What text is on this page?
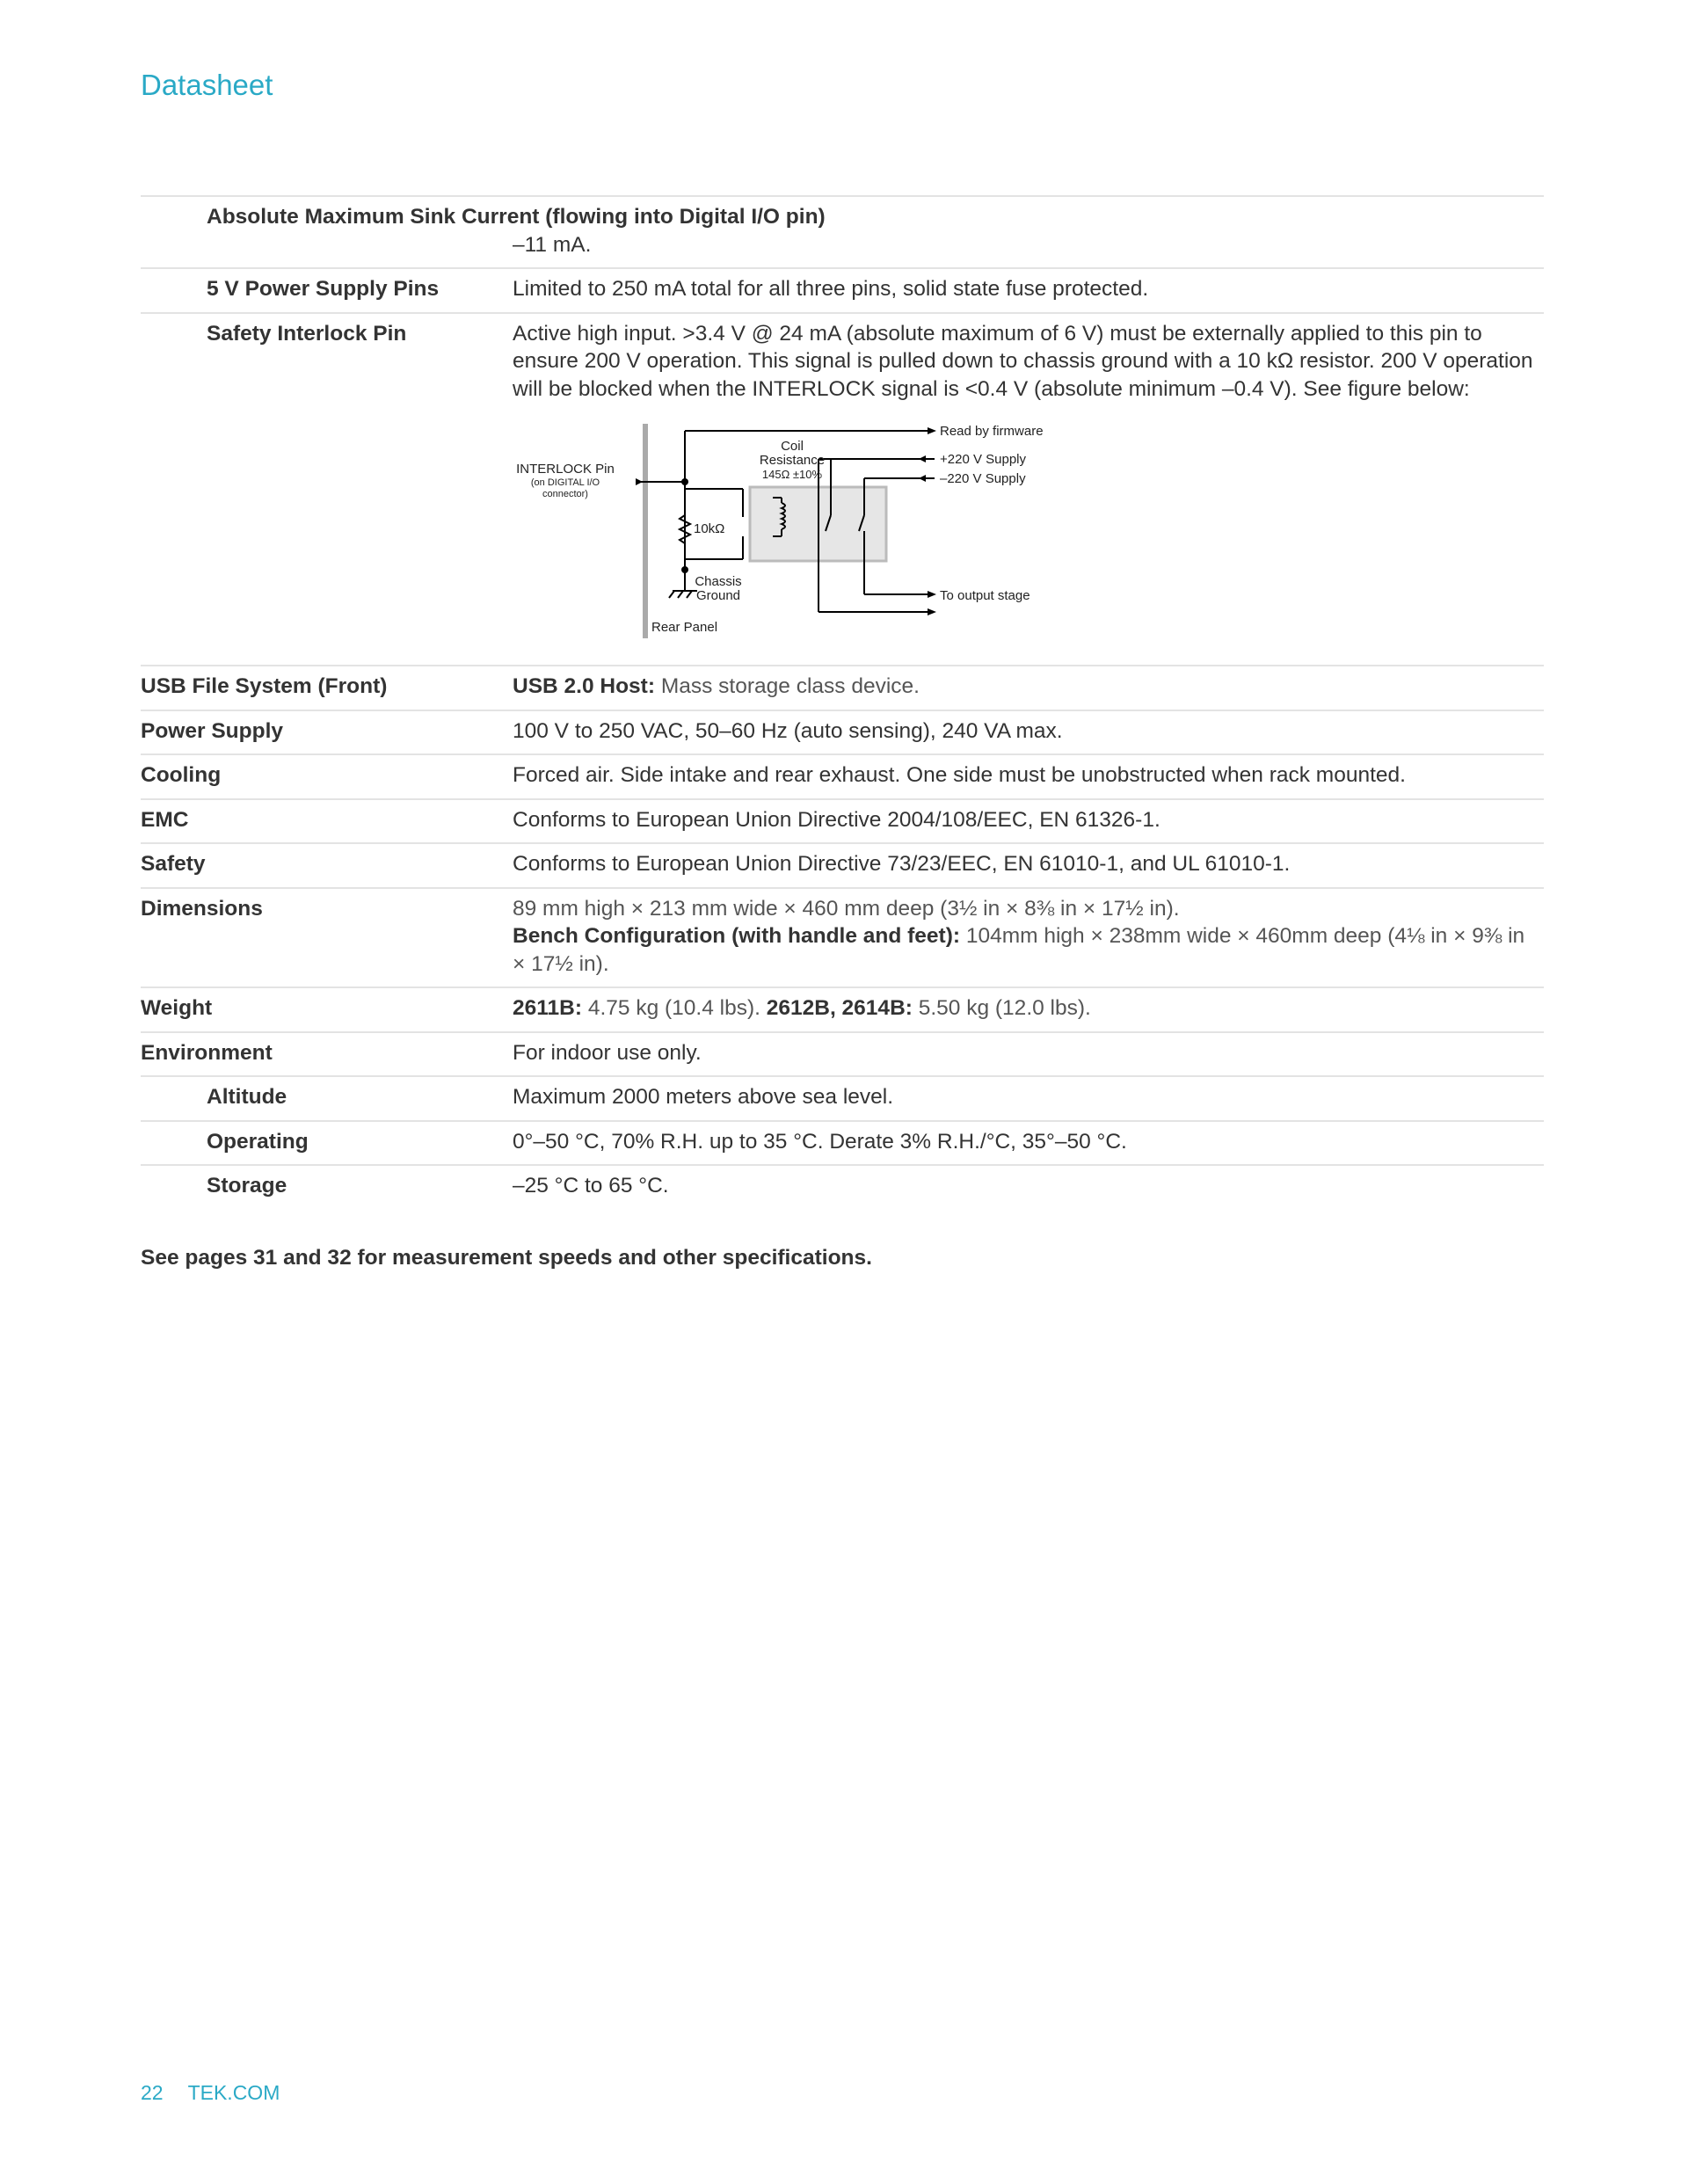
Datasheet
Absolute Maximum Sink Current (flowing into Digital I/O pin)
–11 mA.
5 V Power Supply Pins	Limited to 250 mA total for all three pins, solid state fuse protected.
Safety Interlock Pin	Active high input. >3.4 V @ 24 mA (absolute maximum of 6 V) must be externally applied to this pin to ensure 200 V operation. This signal is pulled down to chassis ground with a 10 kΩ resistor. 200 V operation will be blocked when the INTERLOCK signal is <0.4 V (absolute minimum –0.4 V). See figure below:
Read by firmware
+220 V Supply
–220 V Supply
Coil
Resistance
145Ω ±10%
INTERLOCK Pin
(on DIGITAL I/O
connector)
10kΩ
Chassis
Ground	To output stage
Rear Panel
USB File System (Front)	USB 2.0 Host: Mass storage class device.
Power Supply	100 V to 250 VAC, 50–60 Hz (auto sensing), 240 VA max.
Cooling	Forced air. Side intake and rear exhaust. One side must be unobstructed when rack mounted.
EMC	Conforms to European Union Directive 2004/108/EEC, EN 61326-1.
Safety	Conforms to European Union Directive 73/23/EEC, EN 61010-1, and UL 61010-1.
Dimensions	89 mm high × 213 mm wide × 460 mm deep (3½ in × 8⅜ in × 17½ in).
Bench Configuration (with handle and feet): 104mm high × 238mm wide × 460mm deep (4⅛ in × 9⅜ in × 17½ in).
Weight	2611B: 4.75 kg (10.4 lbs). 2612B, 2614B: 5.50 kg (12.0 lbs).
Environment	For indoor use only.
Altitude	Maximum 2000 meters above sea level.
Operating	0°–50 °C, 70% R.H. up to 35 °C. Derate 3% R.H./°C, 35°–50 °C.
Storage	–25 °C to 65 °C.
See pages 31 and 32 for measurement speeds and other specifications.
22 TEK.COM
